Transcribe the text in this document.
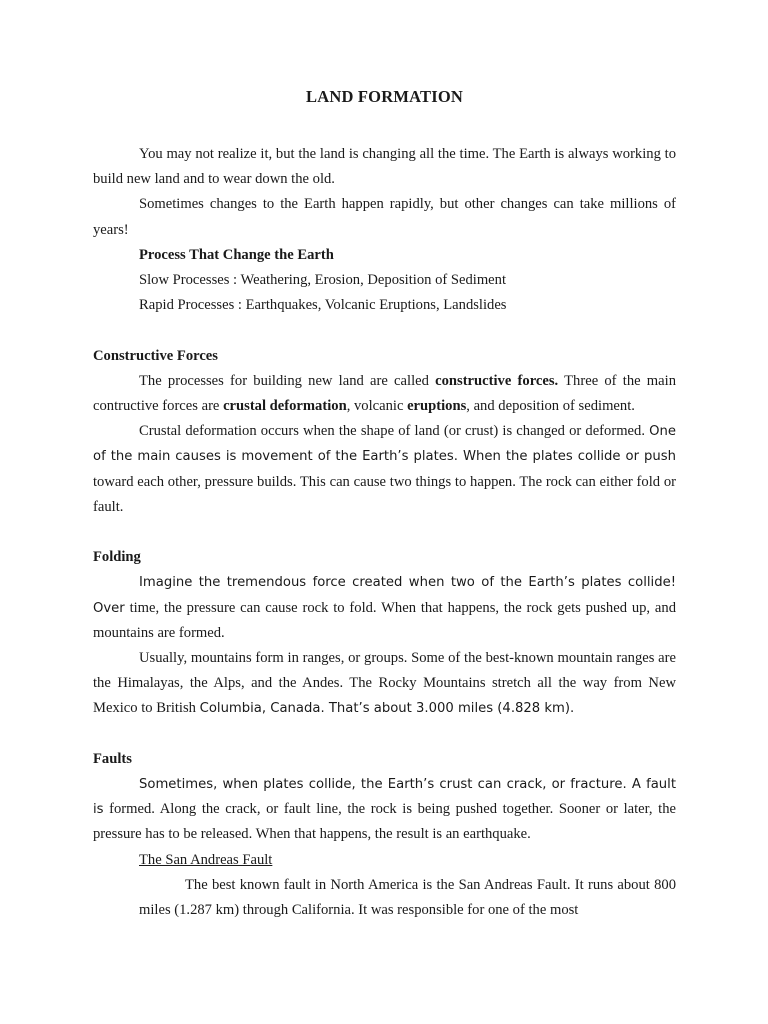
LAND FORMATION

You may not realize it, but the land is changing all the time. The Earth is always working to build new land and to wear down the old.

Sometimes changes to the Earth happen rapidly, but other changes can take millions of years!

Process That Change the Earth

Slow Processes : Weathering, Erosion, Deposition of Sediment

Rapid Processes : Earthquakes, Volcanic Eruptions, Landslides

Constructive Forces

The processes for building new land are called constructive forces. Three of the main contructive forces are crustal deformation, volcanic eruptions, and deposition of sediment.

Crustal deformation occurs when the shape of land (or crust) is changed or deformed. One of the main causes is movement of the Earth’s plates. When the plates collide or push toward each other, pressure builds. This can cause two things to happen. The rock can either fold or fault.

Folding

Imagine the tremendous force created when two of the Earth’s plates collide! Over time, the pressure can cause rock to fold. When that happens, the rock gets pushed up, and mountains are formed.

Usually, mountains form in ranges, or groups. Some of the best-known mountain ranges are the Himalayas, the Alps, and the Andes. The Rocky Mountains stretch all the way from New Mexico to British Columbia, Canada. That’s about 3.000 miles (4.828 km).

Faults

Sometimes, when plates collide, the Earth’s crust can crack, or fracture. A fault is formed. Along the crack, or fault line, the rock is being pushed together. Sooner or later, the pressure has to be released. When that happens, the result is an earthquake.

The San Andreas Fault

The best known fault in North America is the San Andreas Fault. It runs about 800 miles (1.287 km) through California. It was responsible for one of the most
